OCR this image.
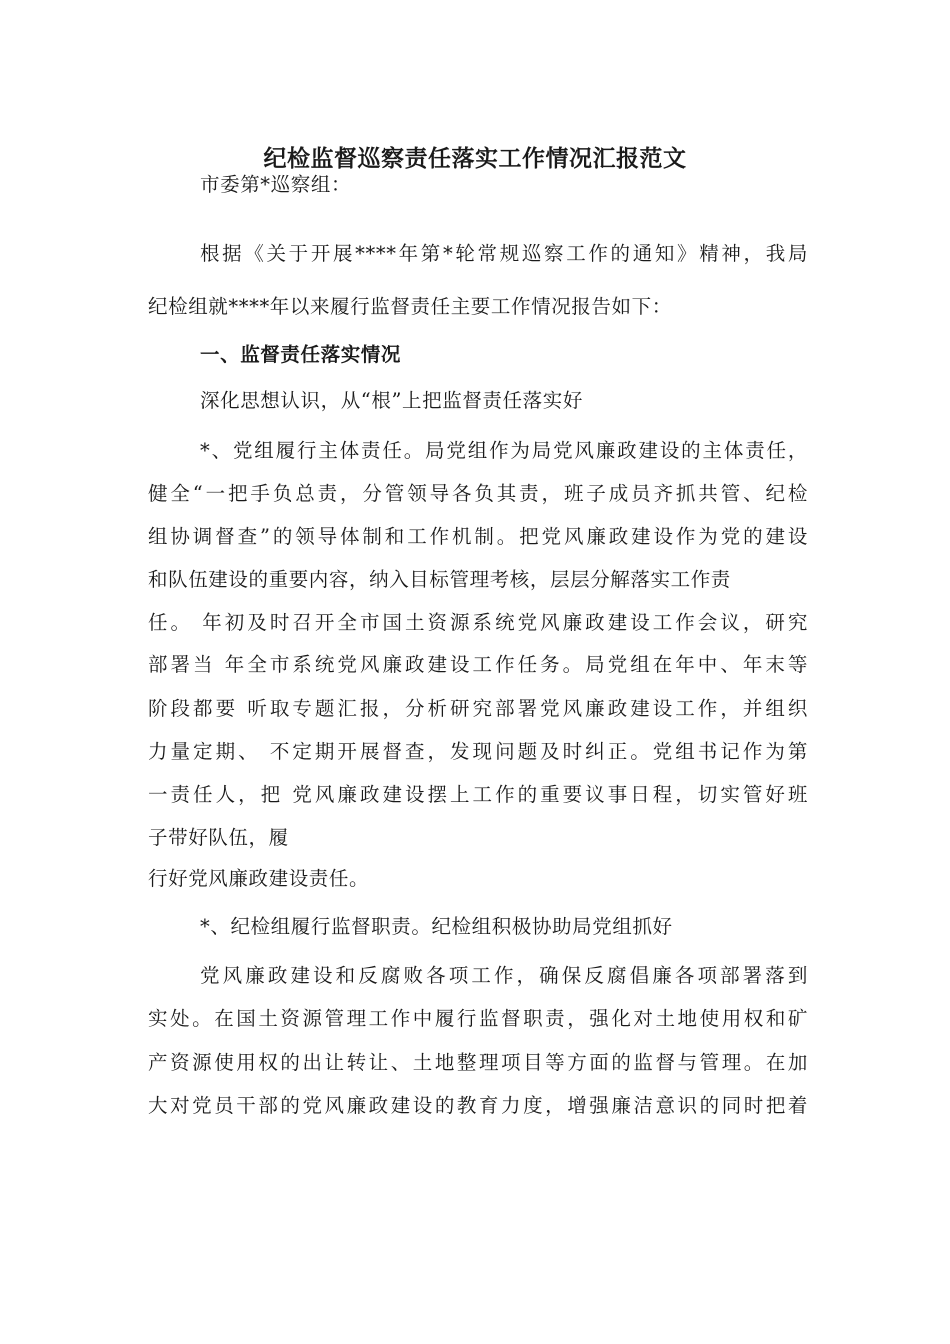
纪检监督巡察责任落实工作情况汇报范文
市委第*巡察组：
根据《关于开展****年第*轮常规巡察工作的通知》精神，我局
纪检组就****年以来履行监督责任主要工作情况报告如下：
一、监督责任落实情况
深化思想认识，从“根”上把监督责任落实好
*、党组履行主体责任。局党组作为局党风廉政建设的主体责任，
健全“一把手负总责，分管领导各负其责，班子成员齐抓共管、纪检
组协调督查”的领导体制和工作机制。把党风廉政建设作为党的建设
和队伍建设的重要内容，纳入目标管理考核，层层分解落实工作责
任。 年初及时召开全市国土资源系统党风廉政建设工作会议，研究
部署当 年全市系统党风廉政建设工作任务。局党组在年中、年末等
阶段都要 听取专题汇报，分析研究部署党风廉政建设工作，并组织
力量定期、 不定期开展督查，发现问题及时纠正。党组书记作为第
一责任人，把 党风廉政建设摆上工作的重要议事日程，切实管好班
子带好队伍，履
行好党风廉政建设责任。
*、纪检组履行监督职责。纪检组积极协助局党组抓好
党风廉政建设和反腐败各项工作，确保反腐倡廉各项部署落到
实处。在国土资源管理工作中履行监督职责，强化对土地使用权和矿
产资源使用权的出让转让、土地整理项目等方面的监督与管理。在加
大对党员干部的党风廉政建设的教育力度，增强廉洁意识的同时把着
